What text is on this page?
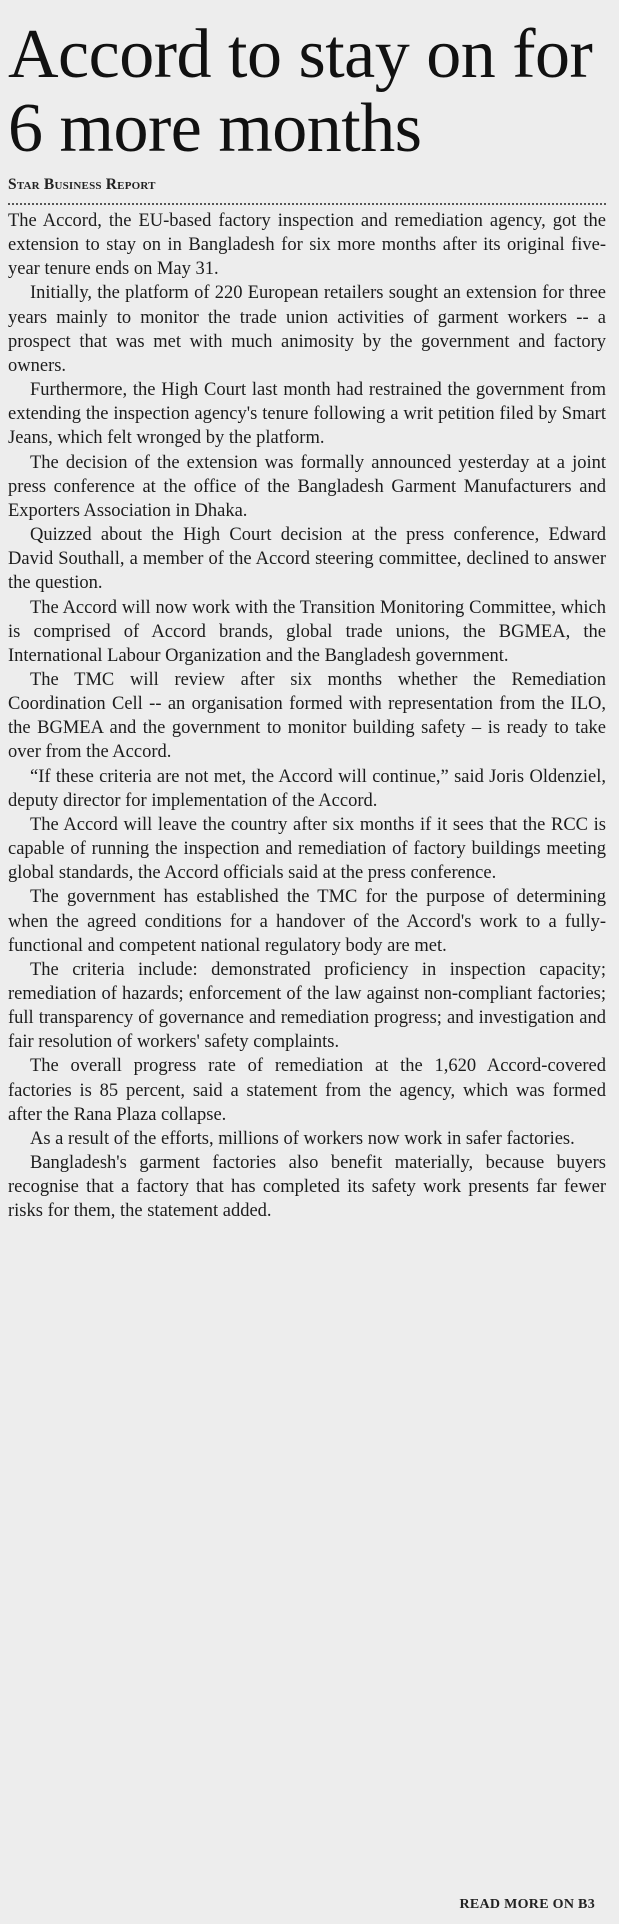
Accord to stay on for 6 more months
Star Business Report

The Accord, the EU-based factory inspection and remediation agency, got the extension to stay on in Bangladesh for six more months after its original five-year tenure ends on May 31.

Initially, the platform of 220 European retailers sought an extension for three years mainly to monitor the trade union activities of garment workers -- a prospect that was met with much animosity by the government and factory owners.

Furthermore, the High Court last month had restrained the government from extending the inspection agency's tenure following a writ petition filed by Smart Jeans, which felt wronged by the platform.

The decision of the extension was formally announced yesterday at a joint press conference at the office of the Bangladesh Garment Manufacturers and Exporters Association in Dhaka.

Quizzed about the High Court decision at the press conference, Edward David Southall, a member of the Accord steering committee, declined to answer the question.

The Accord will now work with the Transition Monitoring Committee, which is comprised of Accord brands, global trade unions, the BGMEA, the International Labour Organization and the Bangladesh government.

The TMC will review after six months whether the Remediation Coordination Cell -- an organisation formed with representation from the ILO, the BGMEA and the government to monitor building safety – is ready to take over from the Accord.

“If these criteria are not met, the Accord will continue,” said Joris Oldenziel, deputy director for implementation of the Accord.

The Accord will leave the country after six months if it sees that the RCC is capable of running the inspection and remediation of factory buildings meeting global standards, the Accord officials said at the press conference.

The government has established the TMC for the purpose of determining when the agreed conditions for a handover of the Accord's work to a fully-functional and competent national regulatory body are met.

The criteria include: demonstrated proficiency in inspection capacity; remediation of hazards; enforcement of the law against non-compliant factories; full transparency of governance and remediation progress; and investigation and fair resolution of workers' safety complaints.

The overall progress rate of remediation at the 1,620 Accord-covered factories is 85 percent, said a statement from the agency, which was formed after the Rana Plaza collapse.

As a result of the efforts, millions of workers now work in safer factories.

Bangladesh's garment factories also benefit materially, because buyers recognise that a factory that has completed its safety work presents far fewer risks for them, the statement added.

READ MORE ON B3
